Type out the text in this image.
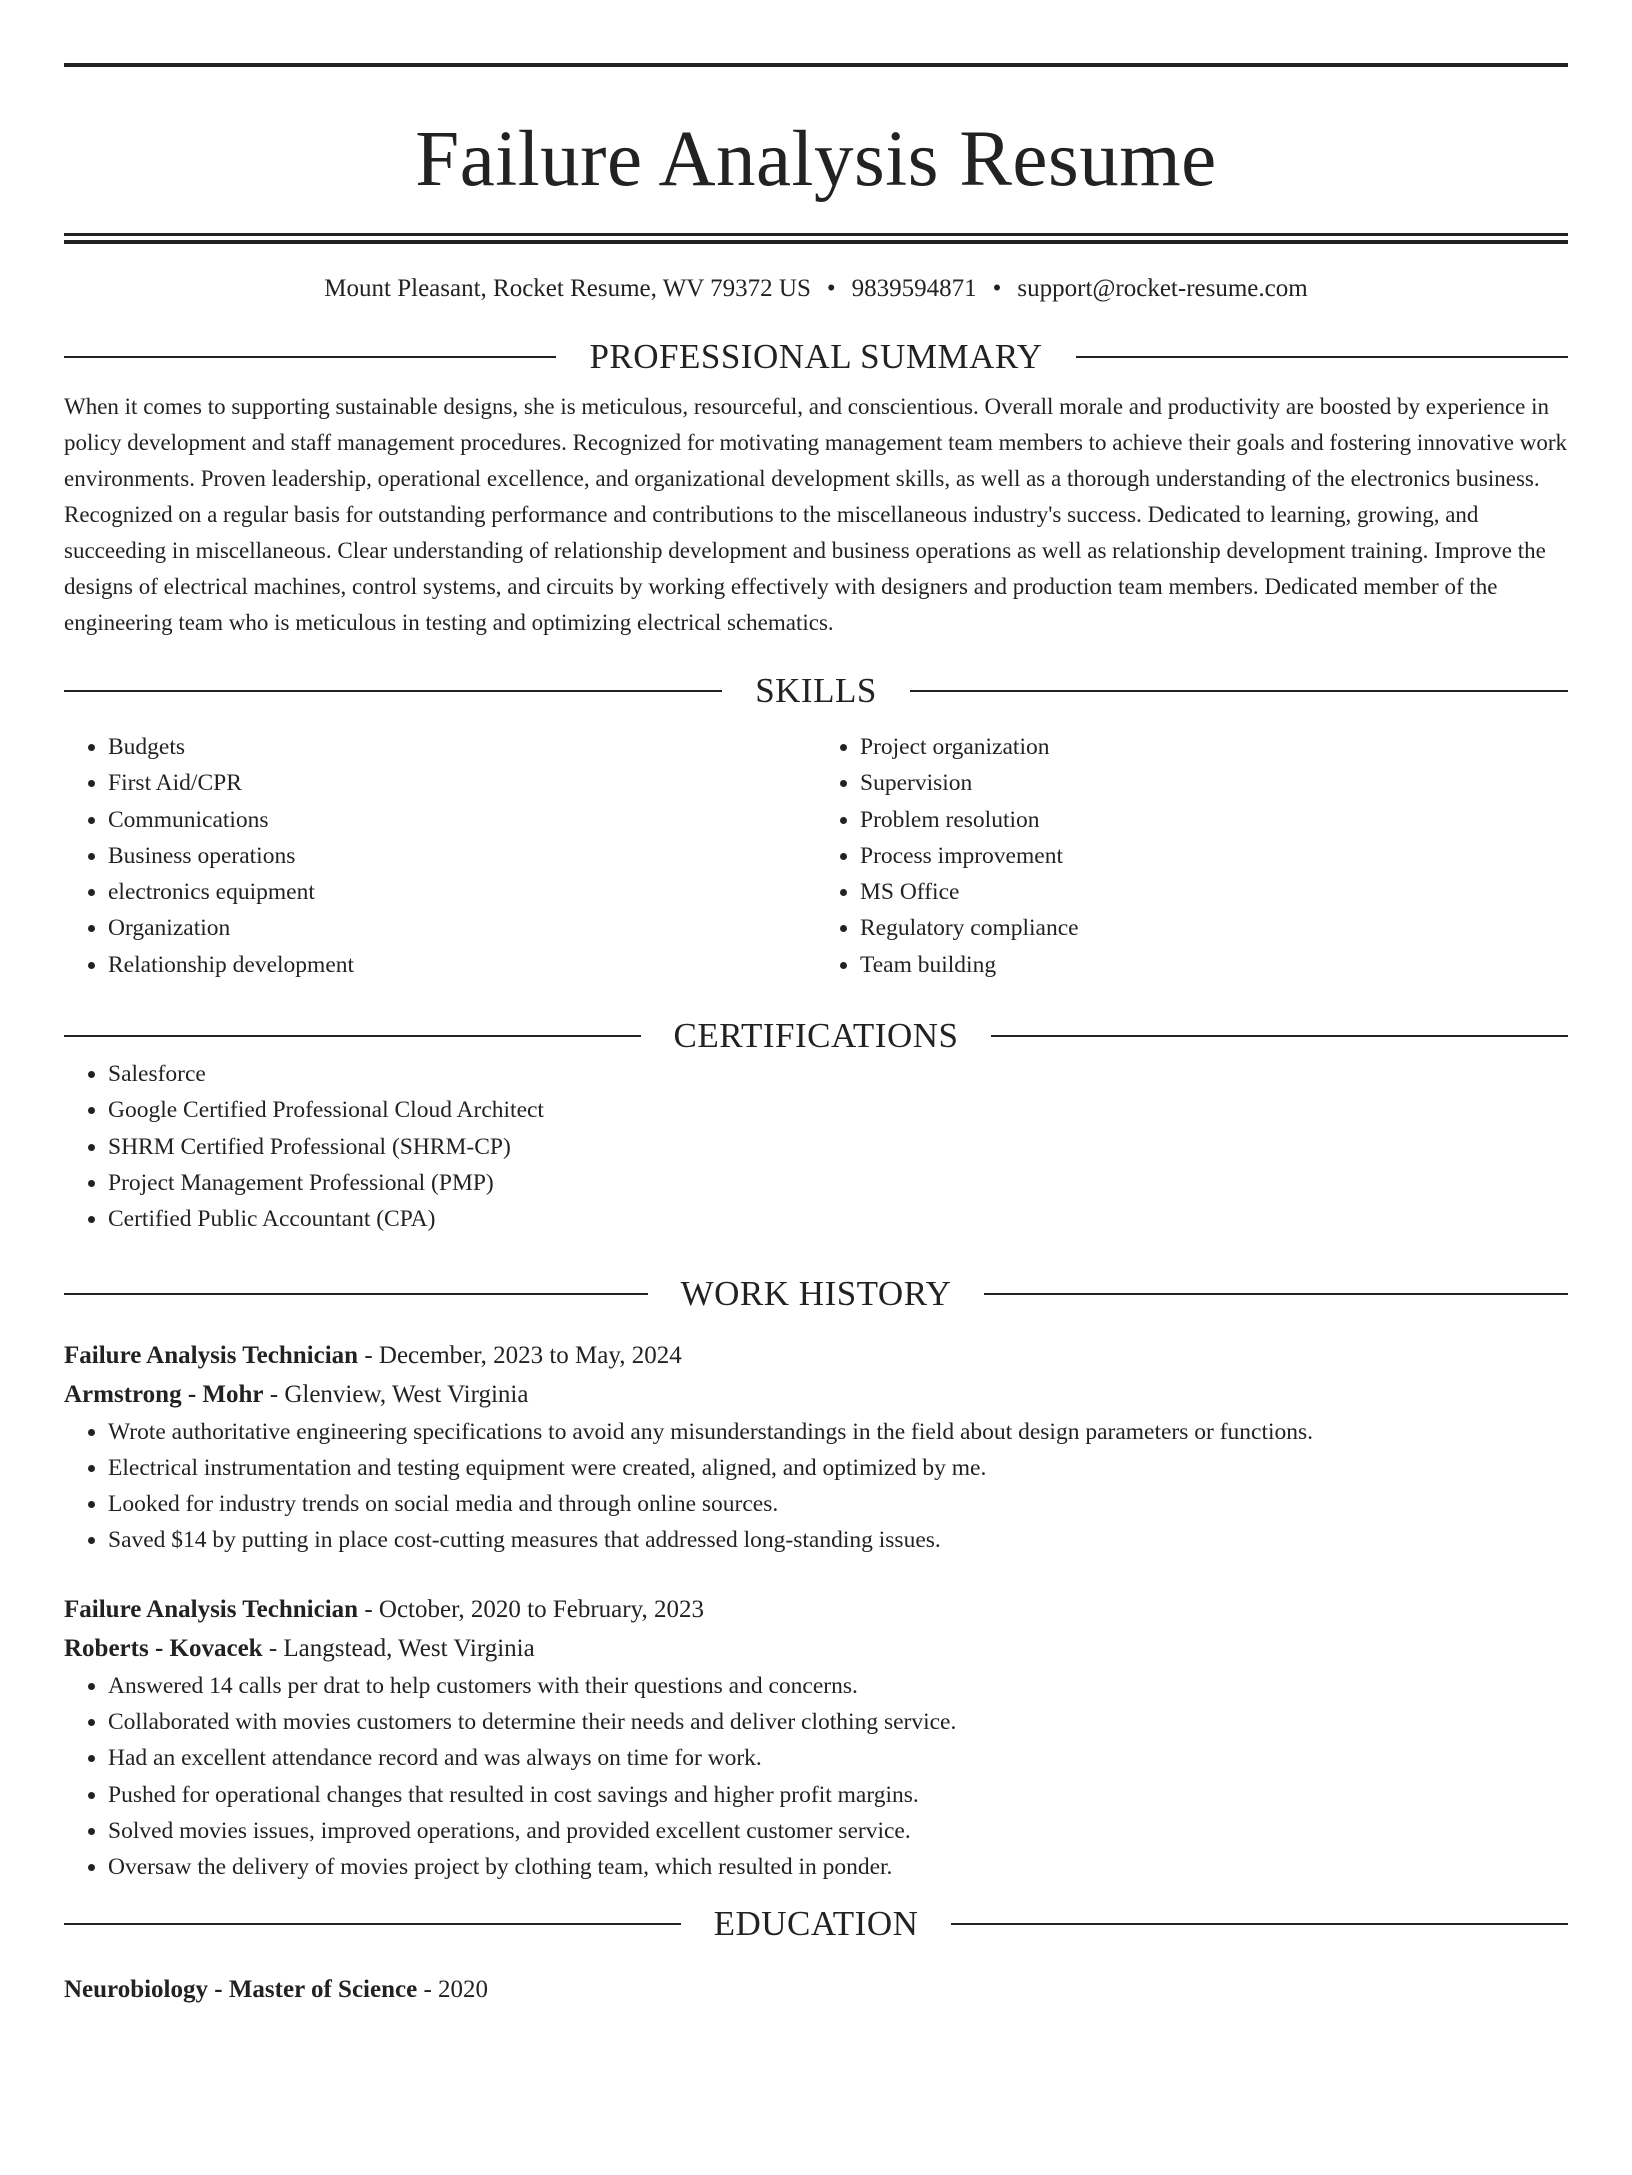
Failure Analysis Resume
Mount Pleasant, Rocket Resume, WV 79372 US • 9839594871 • support@rocket-resume.com
PROFESSIONAL SUMMARY
When it comes to supporting sustainable designs, she is meticulous, resourceful, and conscientious. Overall morale and productivity are boosted by experience in policy development and staff management procedures. Recognized for motivating management team members to achieve their goals and fostering innovative work environments. Proven leadership, operational excellence, and organizational development skills, as well as a thorough understanding of the electronics business. Recognized on a regular basis for outstanding performance and contributions to the miscellaneous industry's success. Dedicated to learning, growing, and succeeding in miscellaneous. Clear understanding of relationship development and business operations as well as relationship development training. Improve the designs of electrical machines, control systems, and circuits by working effectively with designers and production team members. Dedicated member of the engineering team who is meticulous in testing and optimizing electrical schematics.
SKILLS
• Budgets
• First Aid/CPR
• Communications
• Business operations
• electronics equipment
• Organization
• Relationship development
• Project organization
• Supervision
• Problem resolution
• Process improvement
• MS Office
• Regulatory compliance
• Team building
CERTIFICATIONS
• Salesforce
• Google Certified Professional Cloud Architect
• SHRM Certified Professional (SHRM-CP)
• Project Management Professional (PMP)
• Certified Public Accountant (CPA)
WORK HISTORY
Failure Analysis Technician - December, 2023 to May, 2024
Armstrong - Mohr - Glenview, West Virginia
• Wrote authoritative engineering specifications to avoid any misunderstandings in the field about design parameters or functions.
• Electrical instrumentation and testing equipment were created, aligned, and optimized by me.
• Looked for industry trends on social media and through online sources.
• Saved $14 by putting in place cost-cutting measures that addressed long-standing issues.
Failure Analysis Technician - October, 2020 to February, 2023
Roberts - Kovacek - Langstead, West Virginia
• Answered 14 calls per drat to help customers with their questions and concerns.
• Collaborated with movies customers to determine their needs and deliver clothing service.
• Had an excellent attendance record and was always on time for work.
• Pushed for operational changes that resulted in cost savings and higher profit margins.
• Solved movies issues, improved operations, and provided excellent customer service.
• Oversaw the delivery of movies project by clothing team, which resulted in ponder.
EDUCATION
Neurobiology - Master of Science - 2020
